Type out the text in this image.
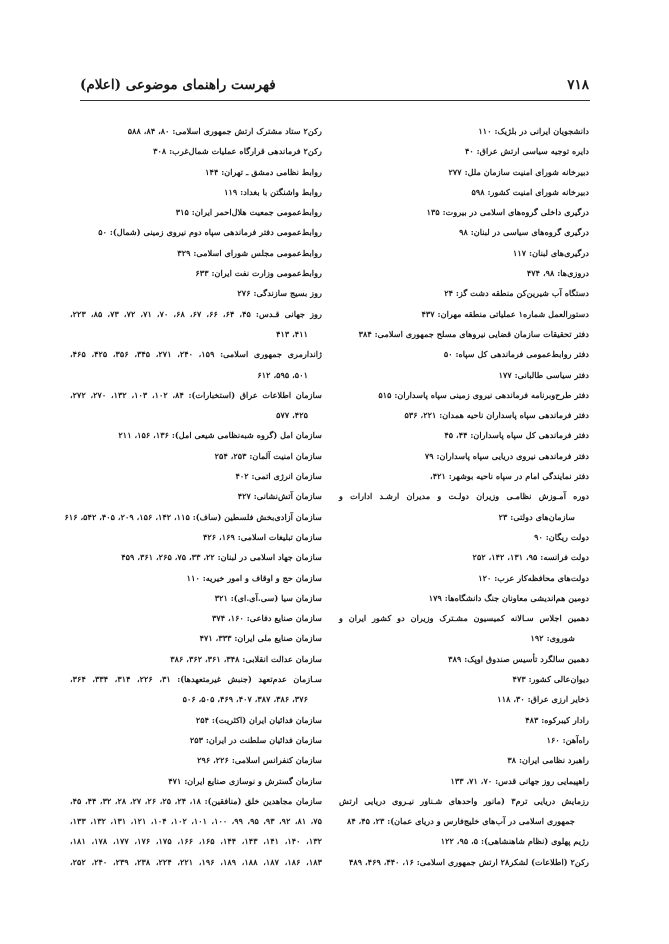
فهرست راهنمای موضوعی (اعلام)	۷۱۸
دانشجویان ایرانی در بلژیک: ۱۱۰
دایره توجیه سیاسی ارتش عراق: ۴۰
دبیرخانه شورای امنیت سازمان ملل: ۲۷۷
دبیرخانه شورای امنیت کشور: ۵۹۸
درگیری داخلی گروه‌های اسلامی در بیروت: ۱۳۵
درگیری گروه‌های سیاسی در لبنان: ۹۸
درگیری‌های لبنان: ۱۱۷
دروزی‌ها: ۹۸، ۴۷۴
دستگاه آب شیرین‌کن منطقه دشت گز: ۲۴
دستورالعمل شماره۱ عملیاتی منطقه مهران: ۴۳۷
دفتر تحقیقات سازمان قضایی نیروهای مسلح جمهوری اسلامی: ۳۸۴
دفتر روابط‌عمومی فرماندهی کل سپاه: ۵۰
دفتر سیاسی طالبانی: ۱۷۷
دفتر طرح‌وبرنامه فرماندهی نیروی زمینی سپاه پاسداران: ۵۱۵
دفتر فرماندهی سپاه پاسداران ناحیه همدان: ۲۲۱، ۵۳۶
دفتر فرماندهی کل سپاه پاسداران: ۴۴، ۴۵
دفتر فرماندهی نیروی دریایی سپاه پاسداران: ۷۹
دفتر نمایندگی امام در سپاه ناحیه بوشهر: ۴۲۱،
دوره آمـوزش نظامـی وزیران دولـت و مدیران ارشـد ادارات و
سازمان‌های دولتی: ۲۳
دولت ریگان: ۹۰
دولت فرانسه: ۹۵، ۱۳۱، ۱۴۲، ۲۵۲
دولت‌های محافظه‌کار عرب: ۱۲۰
دومین هم‌اندیشی معاونان جنگ دانشگاه‌ها: ۱۷۹
دهمین اجلاس سـالانه کمیسیون مشـترک وزیران دو کشور ایران و
شوروی: ۱۹۲
دهمین سالگرد تأسیس صندوق اوپک: ۳۸۹
دیوان‌عالی کشور: ۴۷۳
ذخایر ارزی عراق: ۳۰، ۱۱۸
رادار کیبرکوه: ۴۸۳
راه‌آهن: ۱۶۰
راهبرد نظامی ایران: ۳۸
راهپیمایی روز جهانی قدس: ۷۰، ۷۱، ۱۳۳
رزمایش دریایی ترم۳ (مانور واحدهای شـناور نیـروی دریایی ارتش
جمهوری اسلامی در آب‌های خلیج‌فارس و دریای عمان): ۲۳، ۴۵، ۸۴
رژیم پهلوی (نظام شاهنشاهی): ۵، ۹۵، ۱۲۲
رکن۲ (اطلاعات) لشکر۲۸ ارتش جمهوری اسلامی: ۱۶، ۴۴۰، ۴۶۹، ۴۸۹
رکن۲ ستاد مشترک ارتش جمهوری اسلامی: ۸۰، ۸۴، ۵۸۸
رکن۲ فرماندهی قرارگاه عملیات شمال‌غرب: ۳۰۸
روابط نظامی دمشق ـ تهران: ۱۴۴
روابط واشنگتن با بغداد: ۱۱۹
روابط‌عمومی جمعیت هلال‌احمر ایران: ۳۱۵
روابط‌عمومی دفتر فرماندهی سپاه دوم نیروی زمینی (شمال): ۵۰
روابط‌عمومی مجلس شورای اسلامی: ۳۲۹
روابط‌عمومی وزارت نفت ایران: ۶۳۳
روز بسیج سازندگی: ۲۷۶
روز جهانی قـدس: ۴۵، ۶۴، ۶۶، ۶۷، ۶۸، ۷۰، ۷۱، ۷۲، ۷۳، ۸۵، ۲۲۳،
۴۱۱، ۴۱۳
ژاندارمری جمهوری اسلامی: ۱۵۹، ۲۴۰، ۲۷۱، ۳۴۵، ۳۵۶، ۴۲۵، ۴۶۵،
۵۰۱، ۵۹۵، ۶۱۲
سازمان اطلاعات عراق (استخبارات): ۸۴، ۱۰۲، ۱۰۳، ۱۳۲، ۲۷۰، ۲۷۲،
۴۲۵، ۵۷۷
سازمان امل (گروه شبه‌نظامی شیعی امل): ۱۳۶، ۱۵۶، ۲۱۱
سازمان امنیت آلمان: ۲۵۳، ۲۵۴
سازمان انرژی اتمی: ۴۰۲
سازمان آتش‌نشانی: ۴۲۷
سازمان آزادی‌بخش فلسطین (ساف): ۱۱۵، ۱۴۲، ۱۵۶، ۲۰۹، ۴۰۵، ۵۴۲، ۶۱۶
سازمان تبلیغات اسلامی: ۱۶۹، ۴۲۶
سازمان جهاد اسلامی در لبنان: ۲۲، ۳۳، ۷۵، ۲۶۵، ۳۶۱، ۴۵۹
سازمان حج و اوقاف و امور خیریه: ۱۱۰
سازمان سیا (سی.آی.ای): ۳۲۱
سازمان صنایع دفاعی: ۱۶۰، ۳۷۴
سازمان صنایع ملی ایران: ۳۳۳، ۴۷۱
سازمان عدالت انقلابی: ۳۴۸، ۳۶۱، ۳۶۲، ۳۸۶
سـازمان عدم‌تعهد (جنبش غیرمتعهدها): ۳۱، ۲۲۶، ۳۱۴، ۳۳۴، ۳۶۴،
۳۷۶، ۳۸۶، ۳۸۷، ۴۰۷، ۴۶۹، ۵۰۵، ۵۰۶
سازمان فدائیان ایران (اکثریت): ۲۵۴
سازمان فدائیان سلطنت در ایران: ۲۵۳
سازمان کنفرانس اسلامی: ۲۲۶، ۲۹۶
سازمان گسترش و نوسازی صنایع ایران: ۴۷۱
سازمان مجاهدین خلق (منافقین): ۱۸، ۲۴، ۲۵، ۲۶، ۲۷، ۲۸، ۳۲، ۴۴، ۴۵،
۷۵، ۸۱، ۹۲، ۹۳، ۹۵، ۹۹، ۱۰۰، ۱۰۱، ۱۰۲، ۱۰۴، ۱۲۱، ۱۳۱، ۱۳۲، ۱۳۳،
۱۳۲، ۱۴۰، ۱۴۱، ۱۴۳، ۱۴۴، ۱۶۵، ۱۶۶، ۱۷۵، ۱۷۶، ۱۷۷، ۱۷۸، ۱۸۱،
۱۸۳، ۱۸۶، ۱۸۷، ۱۸۸، ۱۸۹، ۱۹۶، ۲۲۱، ۲۲۴، ۲۳۸، ۲۳۹، ۲۴۰، ۲۵۲،
